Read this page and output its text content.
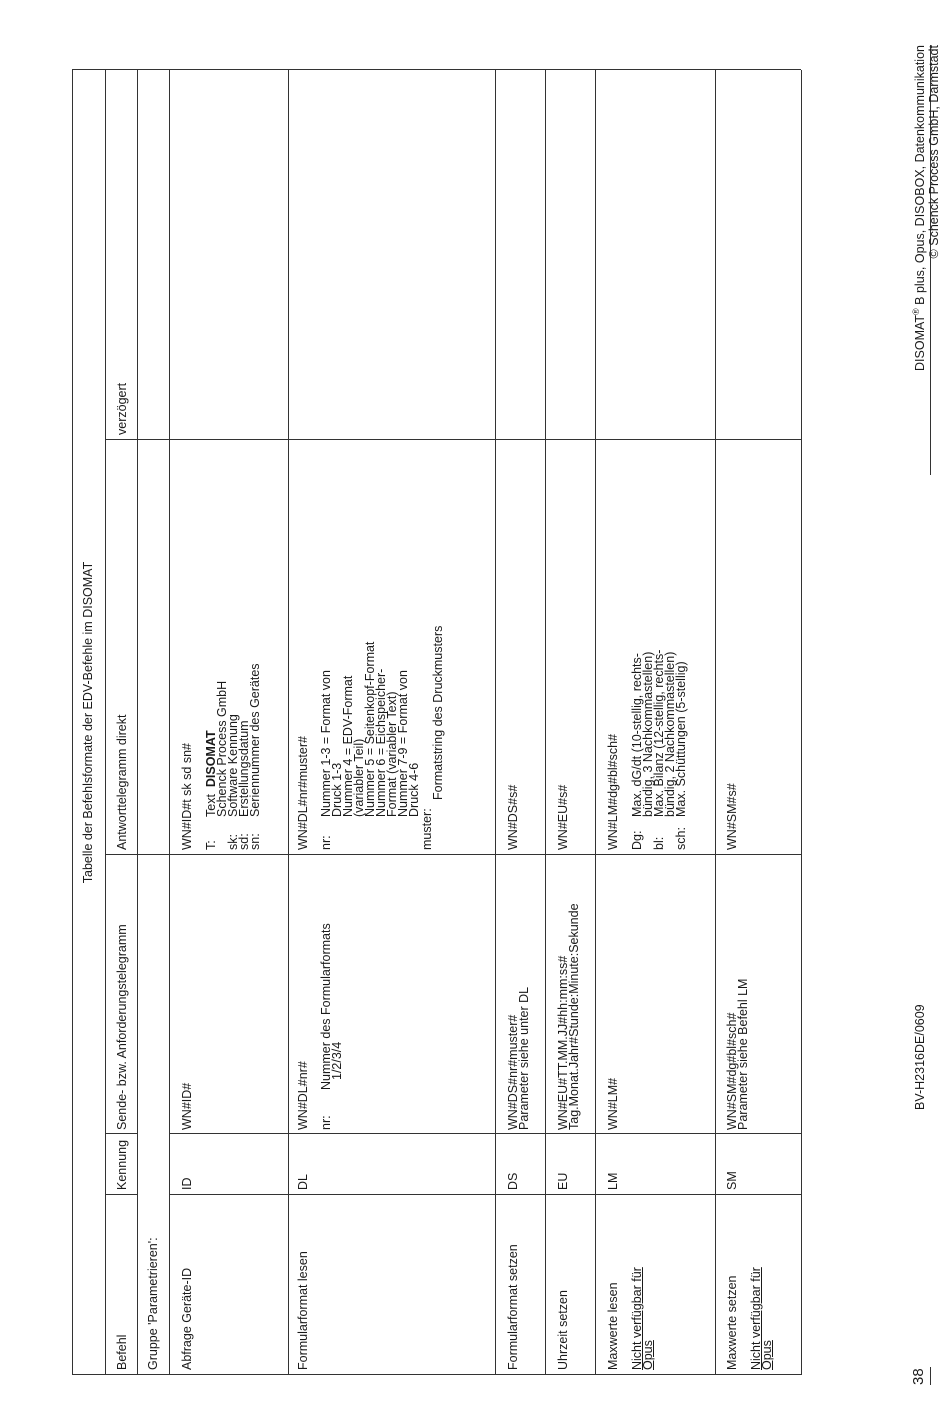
Tabelle der Befehlsformate der EDV-Befehle im DISOMAT
Befehl
Kennung
Sende- bzw. Anforderungstelegramm
Antworttelegramm direkt
verzögert
Gruppe 'Parametrieren': Abfrage Geräte-ID
ID
WN#ID#
WN#ID#t sk sd sn# T:
Text  DISOMAT
Schenck Process GmbH
sk:
Software Kennung
sd:
Erstellungsdatum
sn:
Seriennummer des Gerätes
Formularformat lesen
DL
WN#DL#nr# nr:
Nummer des Formularformats
1/2/3/4
WN#DL#nr#muster# nr:
Nummer 1-3 = Format von
Druck 1-3
Nummer 4 = EDV-Format
(variabler Teil)
Nummer 5 = Seitenkopf-Format
Nummer 6 = Eichspeicher-
Format (variabler Text)
Nummer 7-9 = Format von
Druck 4-6
muster:
Formatstring des Druckmusters
Formularformat setzen
DS
WN#DS#nr#muster#
Parameter siehe unter DL
WN#DS#s#
Uhrzeit setzen
EU
WN#EU#TT.MM.JJ#hh:mm:ss#
Tag.Monat.Jahr#Stunde:Minute:Sekunde
WN#EU#s#
Maxwerte lesen Nicht verfügbar für
Opus
LM
WN#LM#
WN#LM#dg#bl#sch# Dg:
Max. dG/dt (10-stellig, rechts-
bündig, 3 Nachkommastellen)
bl:
Max. Bilanz (12-stellig, rechts-
bündig, 2 Nachkommastellen)
sch:
Max. Schüttungen (5-stellig)
Maxwerte setzen Nicht verfügbar für
Opus
SM
WN#SM#dg#bl#sch#
Parameter siehe Befehl LM
WN#SM#s#
38
BV-H2316DE/0609
DISOMAT® B plus, Opus, DISOBOX, Datenkommunikation © Schenck Process GmbH, Darmstadt
